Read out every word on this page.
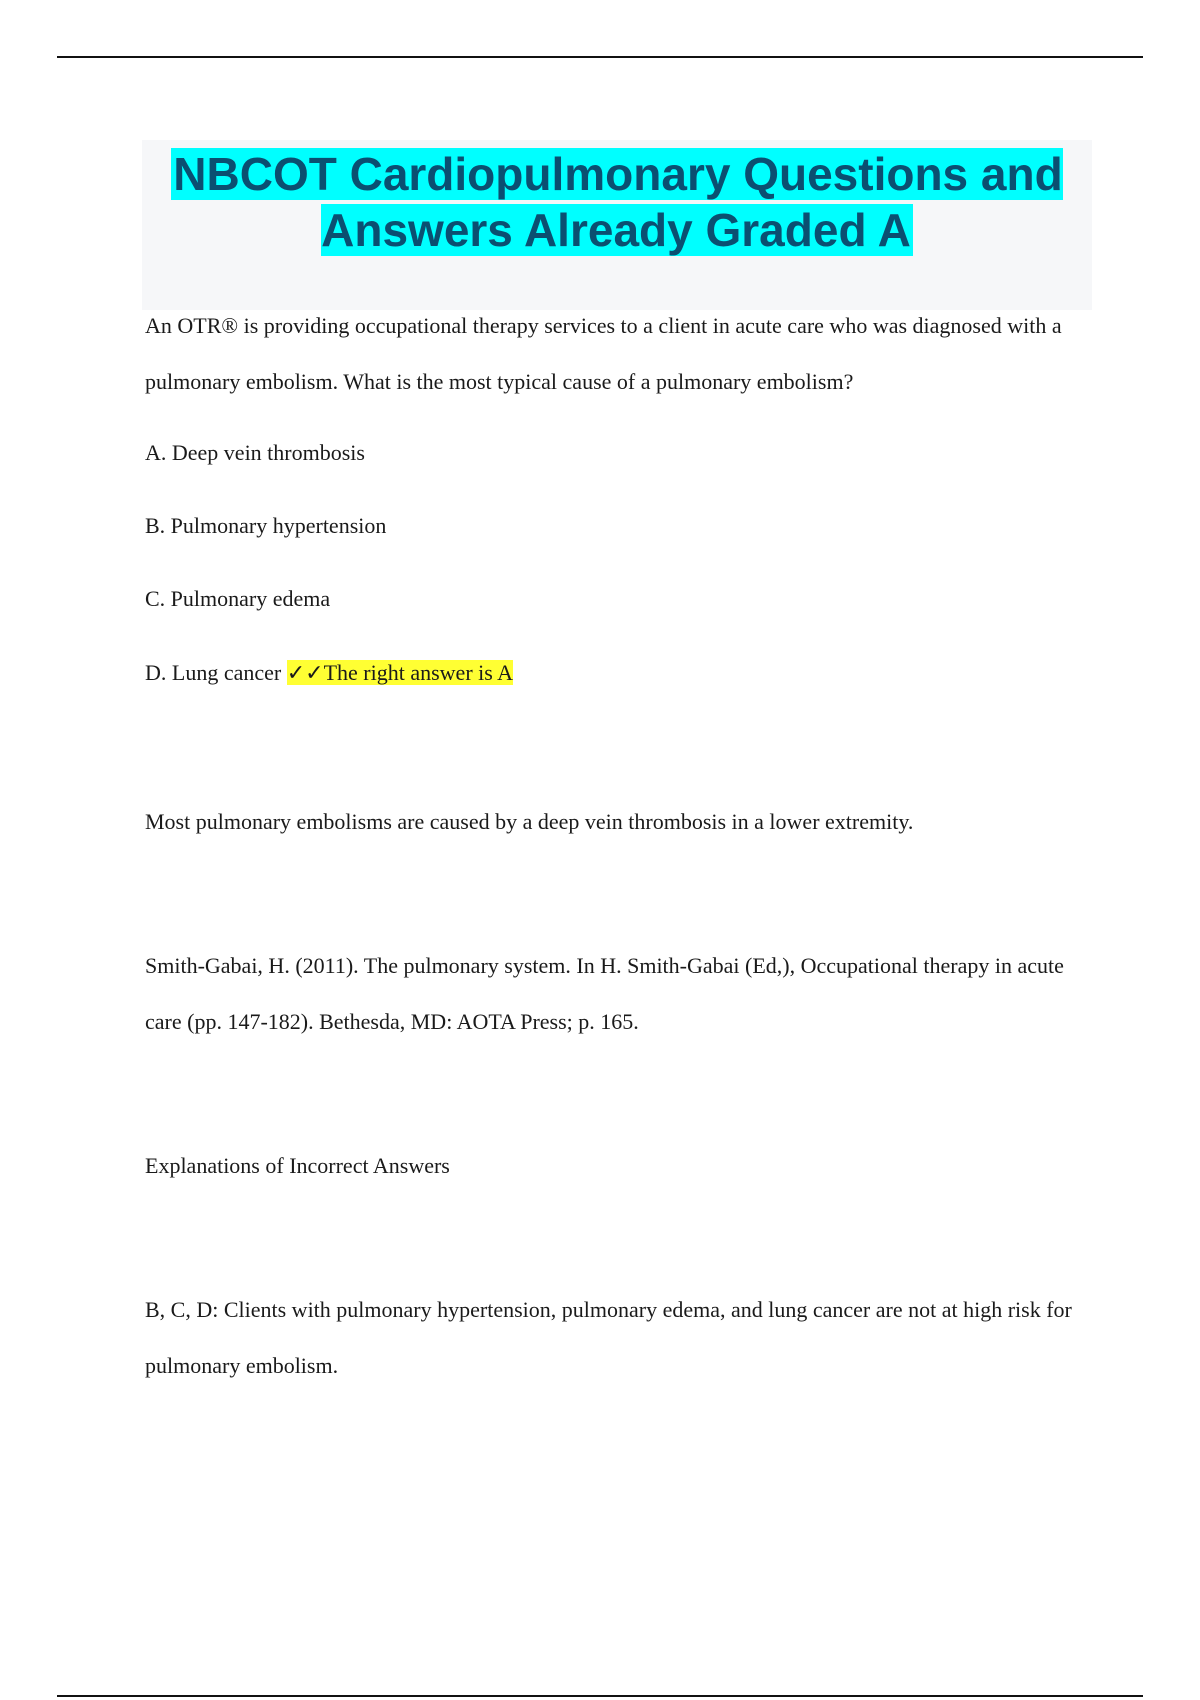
NBCOT Cardiopulmonary Questions and Answers Already Graded A

An OTR® is providing occupational therapy services to a client in acute care who was diagnosed with a pulmonary embolism. What is the most typical cause of a pulmonary embolism?

A. Deep vein thrombosis

B. Pulmonary hypertension

C. Pulmonary edema

D. Lung cancer ✓✓The right answer is A

Most pulmonary embolisms are caused by a deep vein thrombosis in a lower extremity.

Smith-Gabai, H. (2011). The pulmonary system. In H. Smith-Gabai (Ed,), Occupational therapy in acute care (pp. 147-182). Bethesda, MD: AOTA Press; p. 165.

Explanations of Incorrect Answers

B, C, D: Clients with pulmonary hypertension, pulmonary edema, and lung cancer are not at high risk for pulmonary embolism.
